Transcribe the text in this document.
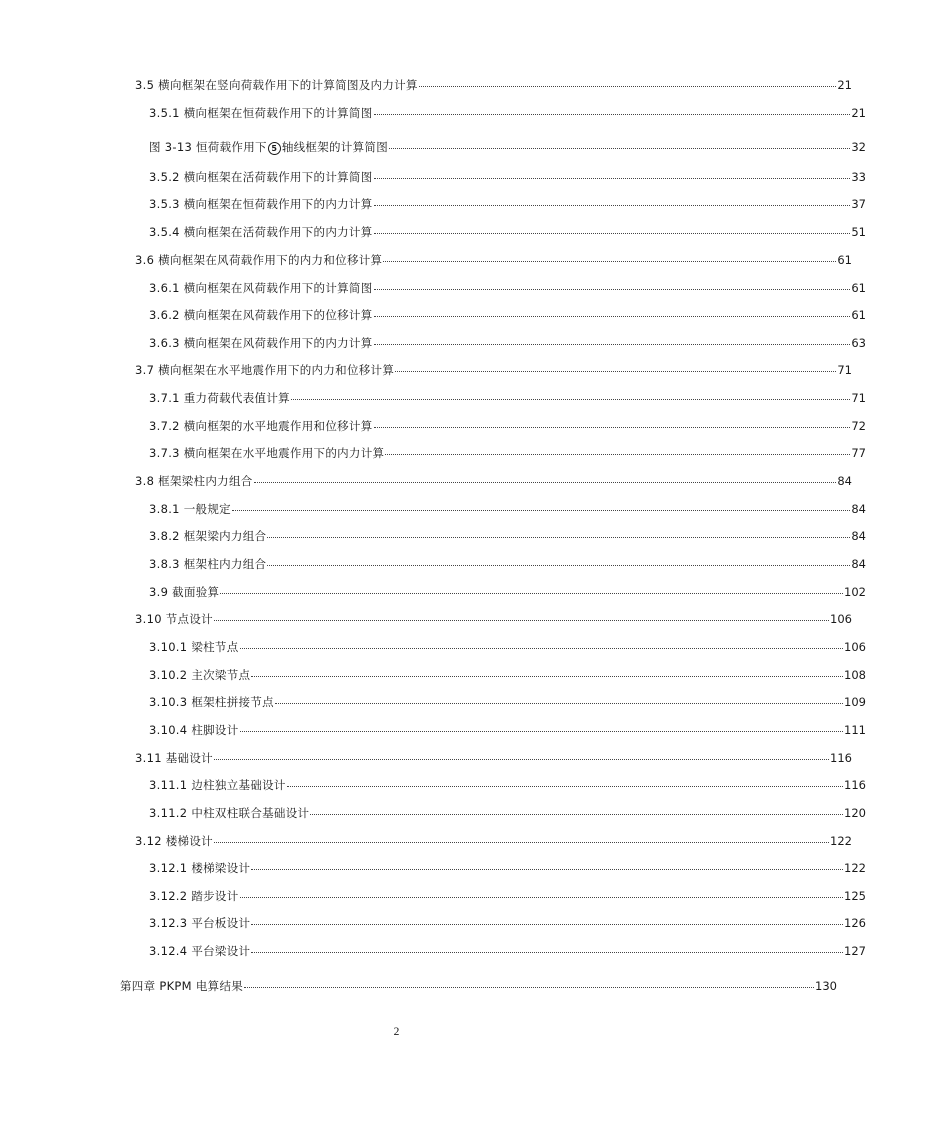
3.5 横向框架在竖向荷载作用下的计算简图及内力计算	21
3.5.1 横向框架在恒荷载作用下的计算简图	21
图 3-13 恒荷载作用下 5 轴线框架的计算简图	32
3.5.2 横向框架在活荷载作用下的计算简图	33
3.5.3 横向框架在恒荷载作用下的内力计算	37
3.5.4 横向框架在活荷载作用下的内力计算	51
3.6 横向框架在风荷载作用下的内力和位移计算	61
3.6.1 横向框架在风荷载作用下的计算简图	61
3.6.2 横向框架在风荷载作用下的位移计算	61
3.6.3 横向框架在风荷载作用下的内力计算	63
3.7 横向框架在水平地震作用下的内力和位移计算	71
3.7.1 重力荷载代表值计算	71
3.7.2 横向框架的水平地震作用和位移计算	72
3.7.3 横向框架在水平地震作用下的内力计算	77
3.8 框架梁柱内力组合	84
3.8.1 一般规定	84
3.8.2 框架梁内力组合	84
3.8.3 框架柱内力组合	84
3.9 截面验算	102
3.10 节点设计	106
3.10.1 梁柱节点	106
3.10.2 主次梁节点	108
3.10.3 框架柱拼接节点	109
3.10.4 柱脚设计	111
3.11 基础设计	116
3.11.1 边柱独立基础设计	116
3.11.2 中柱双柱联合基础设计	120
3.12 楼梯设计	122
3.12.1 楼梯梁设计	122
3.12.2 踏步设计	125
3.12.3 平台板设计	126
3.12.4 平台梁设计	127
第四章 PKPM 电算结果	130
2
